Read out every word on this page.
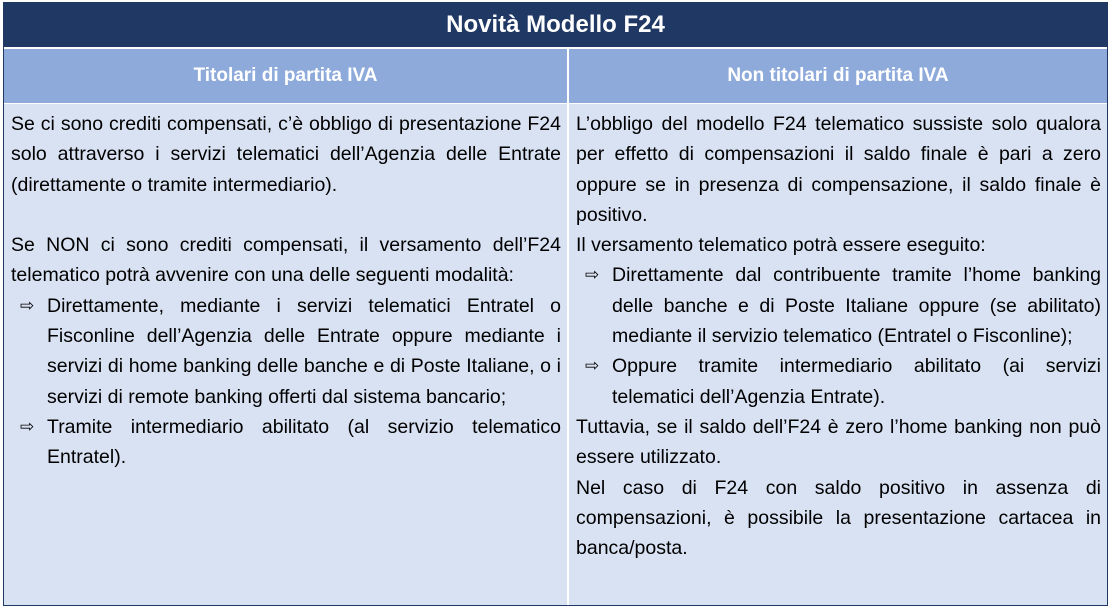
Novità Modello F24
Titolari di partita IVA	Non titolari di partita IVA

Se ci sono crediti compensati, c’è obbligo di presentazione F24 solo attraverso i servizi telematici dell’Agenzia delle Entrate (direttamente o tramite intermediario).

Se NON ci sono crediti compensati, il versamento dell’F24 telematico potrà avvenire con una delle seguenti modalità:

⇨ Direttamente, mediante i servizi telematici Entratel o Fisconline dell’Agenzia delle Entrate oppure mediante i servizi di home banking delle banche e di Poste Italiane, o i servizi di remote banking offerti dal sistema bancario;
⇨ Tramite intermediario abilitato (al servizio telematico Entratel).

L’obbligo del modello F24 telematico sussiste solo qualora per effetto di compensazioni il saldo finale è pari a zero oppure se in presenza di compensazione, il saldo finale è positivo.

Il versamento telematico potrà essere eseguito:

⇨ Direttamente dal contribuente tramite l’home banking delle banche e di Poste Italiane oppure (se abilitato) mediante il servizio telematico (Entratel o Fisconline);
⇨ Oppure tramite intermediario abilitato (ai servizi telematici dell’Agenzia Entrate).

Tuttavia, se il saldo dell’F24 è zero l’home banking non può essere utilizzato.

Nel caso di F24 con saldo positivo in assenza di compensazioni, è possibile la presentazione cartacea in banca/posta.
